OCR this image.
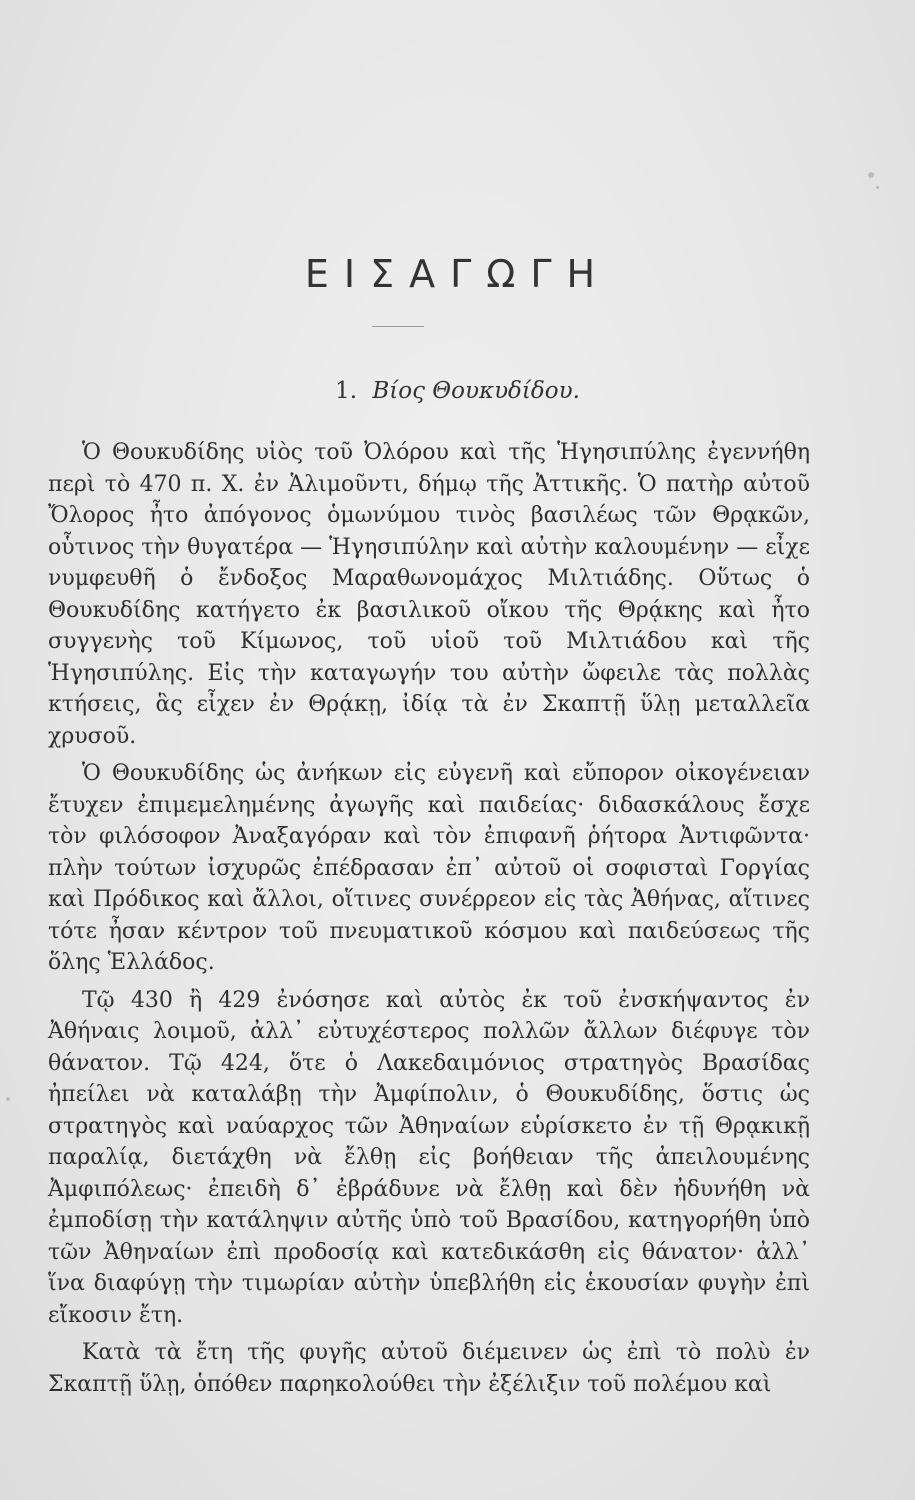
ΕΙΣΑΓΩΓΗ
1. Βίος Θουκυδίδου.

Ὁ Θουκυδίδης υἱὸς τοῦ Ὀλόρου καὶ τῆς Ἡγησιπύλης ἐγεννήθη περὶ τὸ 470 π. Χ. ἐν Ἁλιμοῦντι, δήμῳ τῆς Ἀττικῆς. Ὁ πατὴρ αὐτοῦ Ὄλορος ἦτο ἀπόγονος ὁμωνύμου τινὸς βασιλέως τῶν Θρᾳκῶν, οὗτινος τὴν θυγατέρα — Ἡγησιπύλην καὶ αὐτὴν καλουμένην — εἶχε νυμφευθῆ ὁ ἔνδοξος Μαραθωνομάχος Μιλτιάδης. Οὕτως ὁ Θουκυδίδης κατήγετο ἐκ βασιλικοῦ οἴκου τῆς Θρᾴκης καὶ ἦτο συγγενὴς τοῦ Κίμωνος, τοῦ υἱοῦ τοῦ Μιλτιάδου καὶ τῆς Ἡγησιπύλης. Εἰς τὴν καταγωγήν του αὐτὴν ὤφειλε τὰς πολλὰς κτήσεις, ἃς εἶχεν ἐν Θρᾴκῃ, ἰδίᾳ τὰ ἐν Σκαπτῇ ὕλῃ μεταλλεῖα χρυσοῦ.

Ὁ Θουκυδίδης ὡς ἀνήκων εἰς εὐγενῆ καὶ εὔπορον οἰκογένειαν ἔτυχεν ἐπιμεμελημένης ἀγωγῆς καὶ παιδείας· διδασκάλους ἔσχε τὸν φιλόσοφον Ἀναξαγόραν καὶ τὸν ἐπιφανῆ ῥήτορα Ἀντιφῶντα· πλὴν τούτων ἰσχυρῶς ἐπέδρασαν ἐπ᾽ αὐτοῦ οἱ σοφισταὶ Γοργίας καὶ Πρόδικος καὶ ἄλλοι, οἵτινες συνέρρεον εἰς τὰς Ἀθήνας, αἵτινες τότε ἦσαν κέντρον τοῦ πνευματικοῦ κόσμου καὶ παιδεύσεως τῆς ὅλης Ἑλλάδος.

Τῷ 430 ἢ 429 ἐνόσησε καὶ αὐτὸς ἐκ τοῦ ἐνσκήψαντος ἐν Ἀθήναις λοιμοῦ, ἀλλ᾽ εὐτυχέστερος πολλῶν ἄλλων διέφυγε τὸν θάνατον. Τῷ 424, ὅτε ὁ Λακεδαιμόνιος στρατηγὸς Βρασίδας ἠπείλει νὰ καταλάβῃ τὴν Ἀμφίπολιν, ὁ Θουκυδίδης, ὅστις ὡς στρατηγὸς καὶ ναύαρχος τῶν Ἀθηναίων εὑρίσκετο ἐν τῇ Θρᾳκικῇ παραλίᾳ, διετάχθη νὰ ἔλθῃ εἰς βοήθειαν τῆς ἀπειλουμένης Ἀμφιπόλεως· ἐπειδὴ δ᾽ ἐβράδυνε νὰ ἔλθῃ καὶ δὲν ἠδυνήθη νὰ ἐμποδίσῃ τὴν κατάληψιν αὐτῆς ὑπὸ τοῦ Βρασίδου, κατηγορήθη ὑπὸ τῶν Ἀθηναίων ἐπὶ προδοσίᾳ καὶ κατεδικάσθη εἰς θάνατον· ἀλλ᾽ ἵνα διαφύγῃ τὴν τιμωρίαν αὐτὴν ὑπεβλήθη εἰς ἑκουσίαν φυγὴν ἐπὶ εἴκοσιν ἔτη.

Κατὰ τὰ ἔτη τῆς φυγῆς αὐτοῦ διέμεινεν ὡς ἐπὶ τὸ πολὺ ἐν Σκαπτῇ ὕλῃ, ὁπόθεν παρηκολούθει τὴν ἐξέλιξιν τοῦ πολέμου καὶ
